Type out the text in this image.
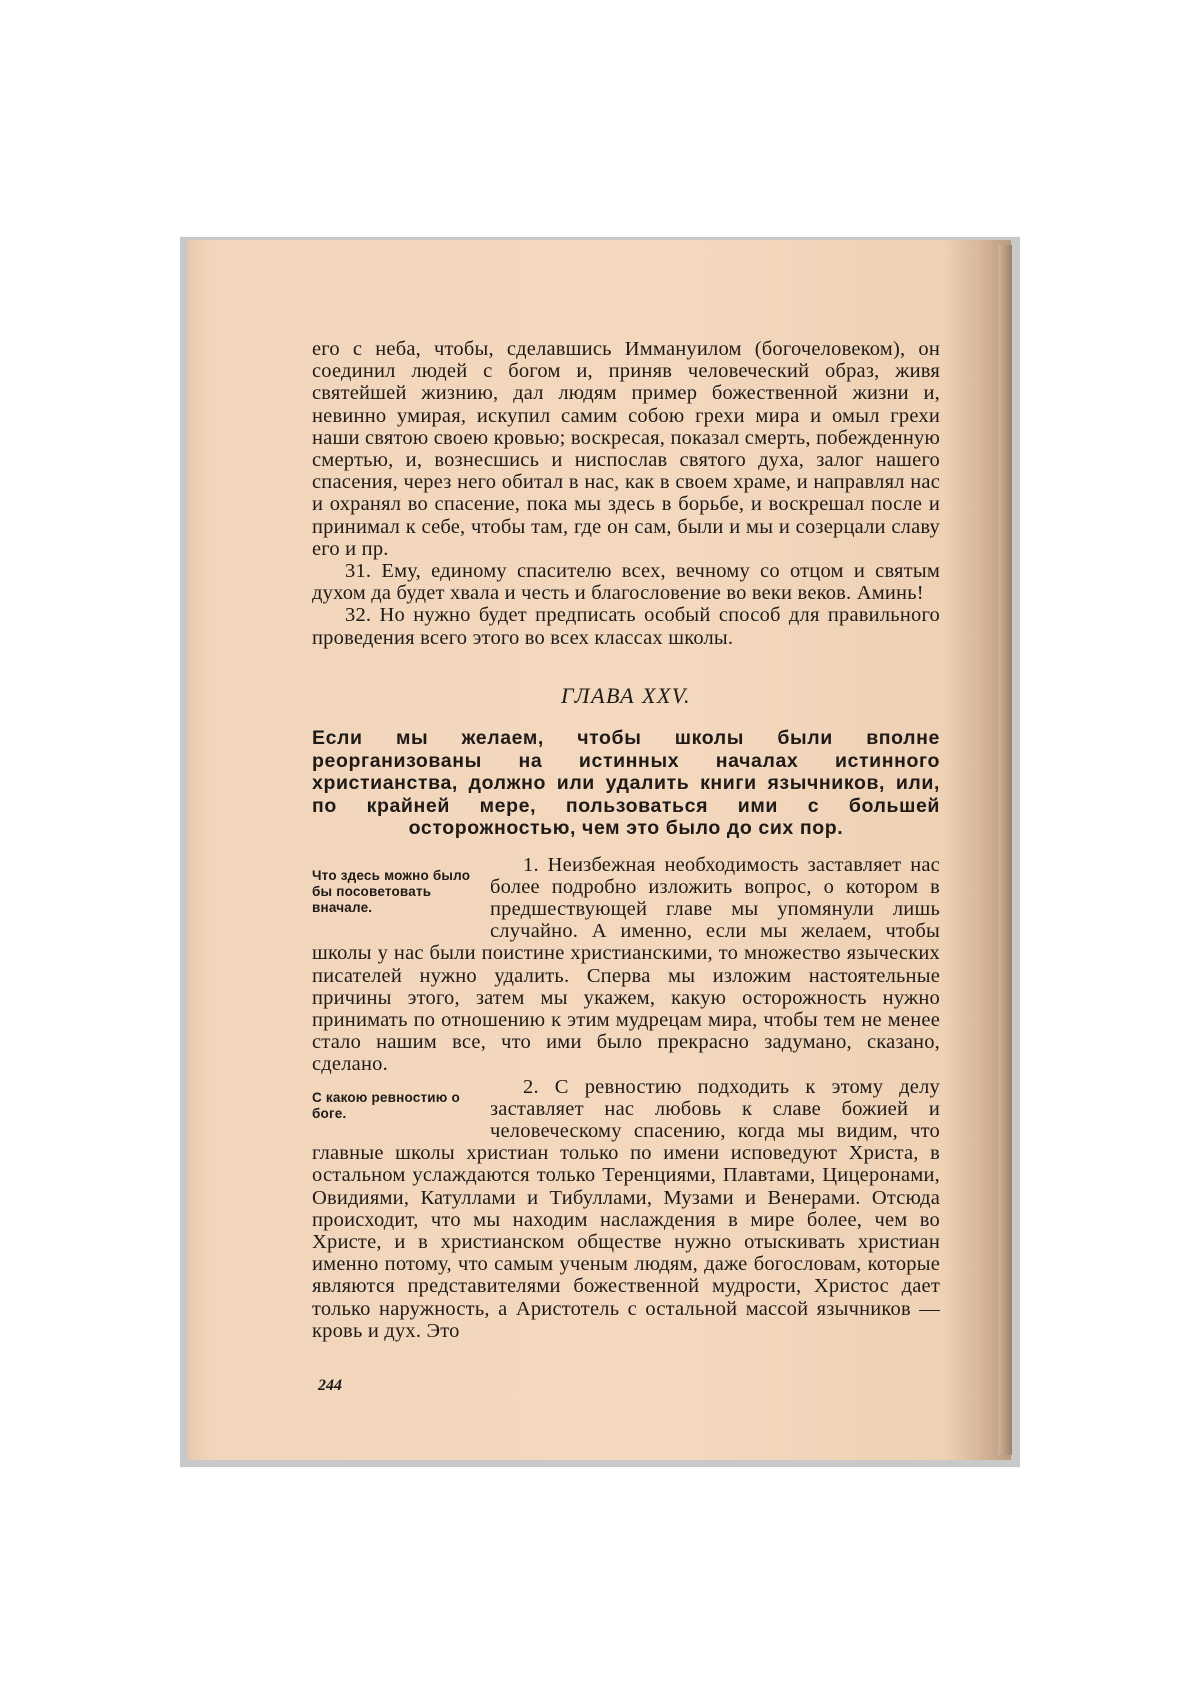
его с неба, чтобы, сделавшись Иммануилом (богочеловеком), он соединил людей с богом и, приняв человеческий образ, живя святейшей жизнию, дал людям пример божественной жизни и, невинно умирая, искупил самим собою грехи мира и омыл грехи наши святою своею кровью; воскресая, показал смерть, побежденную смертью, и, вознесшись и ниспослав святого духа, залог нашего спасения, через него обитал в нас, как в своем храме, и направлял нас и охранял во спасение, пока мы здесь в борьбе, и воскрешал после и принимал к себе, чтобы там, где он сам, были и мы и созерцали славу его и пр.

31. Ему, единому спасителю всех, вечному со отцом и святым духом да будет хвала и честь и благословение во веки веков. Аминь!

32. Но нужно будет предписать особый способ для правильного проведения всего этого во всех классах школы.

ГЛАВА XXV.

Если мы желаем, чтобы школы были вполне реорганизованы на истинных началах истинного христианства, должно или удалить книги язычников, или, по крайней мере, пользоваться ими с большей осторожностью, чем это было до сих пор.

Что здесь можно было бы посоветовать вначале.

1. Неизбежная необходимость заставляет нас более подробно изложить вопрос, о котором в предшествующей главе мы упомянули лишь случайно. А именно, если мы желаем, чтобы школы у нас были поистине христианскими, то множество языческих писателей нужно удалить. Сперва мы изложим настоятельные причины этого, затем мы укажем, какую осторожность нужно принимать по отношению к этим мудрецам мира, чтобы тем не менее стало нашим все, что ими было прекрасно задумано, сказано, сделано.

С какою ревностию о боге.

2. С ревностию подходить к этому делу заставляет нас любовь к славе божией и человеческому спасению, когда мы видим, что главные школы христиан только по имени исповедуют Христа, в остальном услаждаются только Теренциями, Плавтами, Цицеронами, Овидиями, Катуллами и Тибуллами, Музами и Венерами. Отсюда происходит, что мы находим наслаждения в мире более, чем во Христе, и в христианском обществе нужно отыскивать христиан именно потому, что самым ученым людям, даже богословам, которые являются представителями божественной мудрости, Христос дает только наружность, а Аристотель с остальной массой язычников — кровь и дух. Это

244
